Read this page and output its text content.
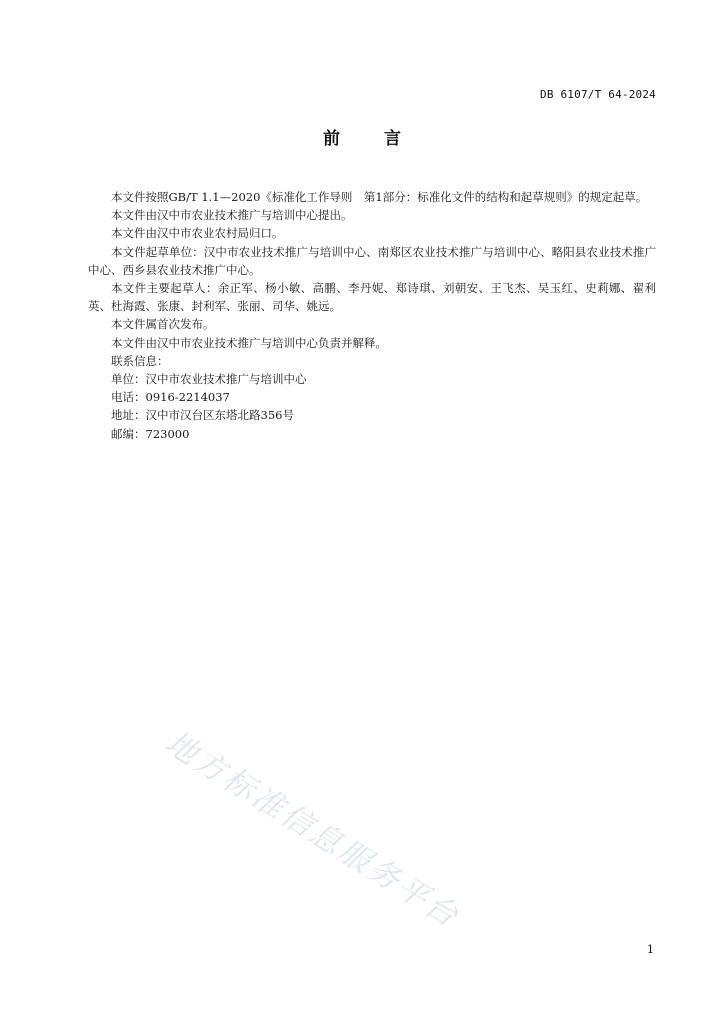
DB 6107/T 64-2024
前言

本文件按照GB/T 1.1—2020《标准化工作导则　第1部分：标准化文件的结构和起草规则》的规定起草。

本文件由汉中市农业技术推广与培训中心提出。

本文件由汉中市农业农村局归口。

本文件起草单位：汉中市农业技术推广与培训中心、南郑区农业技术推广与培训中心、略阳县农业技术推广中心、西乡县农业技术推广中心。

本文件主要起草人：余正军、杨小敏、高鹏、李丹妮、郑诗琪、刘朝安、王飞杰、吴玉红、史莉娜、翟利英、杜海霞、张康、封利军、张丽、司华、姚远。

本文件属首次发布。

本文件由汉中市农业技术推广与培训中心负责并解释。

联系信息：

单位：汉中市农业技术推广与培训中心

电话：0916-2214037

地址：汉中市汉台区东塔北路356号

邮编：723000

地方标准信息服务平台
1
